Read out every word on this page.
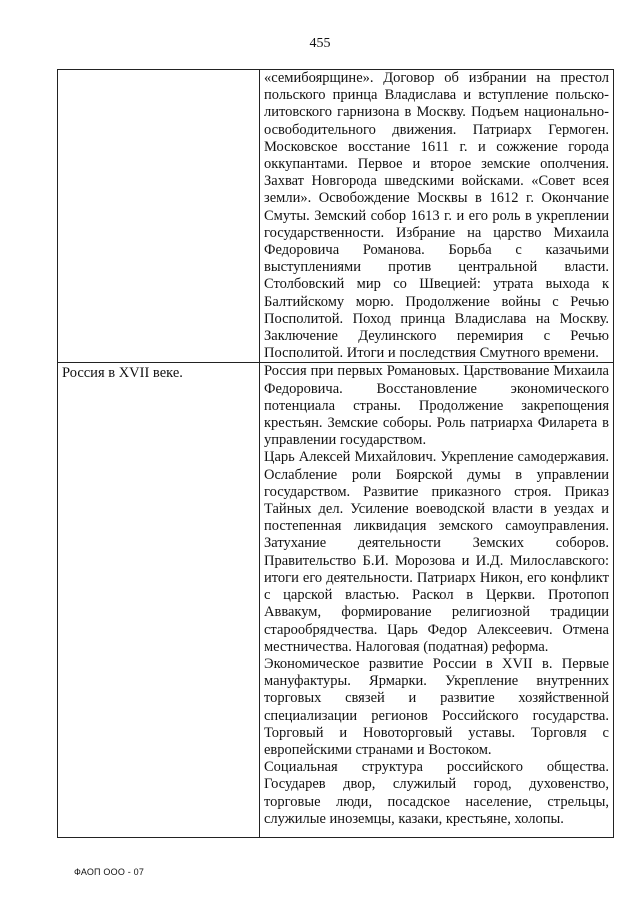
455

	«семибоярщине». Договор об избрании на престол польского принца Владислава и вступление польско-литовского гарнизона в Москву. Подъем национально-освободительного движения. Патриарх Гермоген. Московское восстание 1611 г. и сожжение города оккупантами. Первое и второе земские ополчения. Захват Новгорода шведскими войсками. «Совет всея земли». Освобождение Москвы в 1612 г. Окончание Смуты. Земский собор 1613 г. и его роль в укреплении государственности. Избрание на царство Михаила Федоровича Романова. Борьба с казачьими выступлениями против центральной власти. Столбовский мир со Швецией: утрата выхода к Балтийскому морю. Продолжение войны с Речью Посполитой. Поход принца Владислава на Москву. Заключение Деулинского перемирия с Речью Посполитой. Итоги и последствия Смутного времени.

Россия в XVII веке.	Россия при первых Романовых. Царствование Михаила Федоровича. Восстановление экономического потенциала страны. Продолжение закрепощения крестьян. Земские соборы. Роль патриарха Филарета в управлении государством.

Царь Алексей Михайлович. Укрепление самодержавия. Ослабление роли Боярской думы в управлении государством. Развитие приказного строя. Приказ Тайных дел. Усиление воеводской власти в уездах и постепенная ликвидация земского самоуправления. Затухание деятельности Земских соборов. Правительство Б.И. Морозова и И.Д. Милославского: итоги его деятельности. Патриарх Никон, его конфликт с царской властью. Раскол в Церкви. Протопоп Аввакум, формирование религиозной традиции старообрядчества. Царь Федор Алексеевич. Отмена местничества. Налоговая (податная) реформа.

Экономическое развитие России в XVII в. Первые мануфактуры. Ярмарки. Укрепление внутренних торговых связей и развитие хозяйственной специализации регионов Российского государства. Торговый и Новоторговый уставы. Торговля с европейскими странами и Востоком.

Социальная структура российского общества. Государев двор, служилый город, духовенство, торговые люди, посадское население, стрельцы, служилые иноземцы, казаки, крестьяне, холопы.

ФАОП ООО - 07
